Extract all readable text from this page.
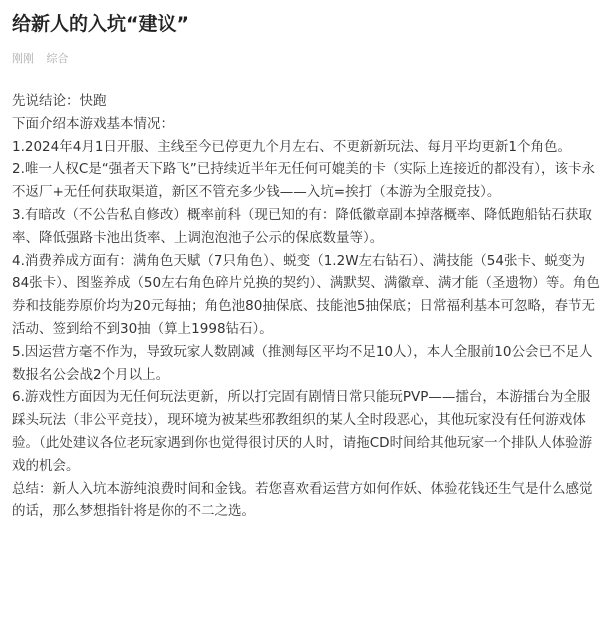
给新人的入坑“建议”
刚刚 综合

先说结论：快跑

下面介绍本游戏基本情况：

1.2024年4月1日开服、主线至今已停更九个月左右、不更新新玩法、每月平均更新1个角色。

2.唯一人权C是“强者天下路飞”已持续近半年无任何可媲美的卡（实际上连接近的都没有），该卡永不返厂+无任何获取渠道，新区不管充多少钱——入坑=挨打（本游为全服竞技）。

3.有暗改（不公告私自修改）概率前科（现已知的有：降低徽章副本掉落概率、降低跑船钻石获取率、降低强路卡池出货率、上调泡泡池子公示的保底数量等）。

4.消费养成方面有：满角色天赋（7只角色）、蜕变（1.2W左右钻石）、满技能（54张卡、蜕变为84张卡）、图鉴养成（50左右角色碎片兑换的契约）、满默契、满徽章、满才能（圣遗物）等。角色券和技能券原价均为20元每抽；角色池80抽保底、技能池5抽保底；日常福利基本可忽略，春节无活动、签到给不到30抽（算上1998钻石）。

5.因运营方毫不作为，导致玩家人数剧减（推测每区平均不足10人），本人全服前10公会已不足人数报名公会战2个月以上。

6.游戏性方面因为无任何玩法更新，所以打完固有剧情日常只能玩PVP——擂台，本游擂台为全服踩头玩法（非公平竞技），现环境为被某些邪教组织的某人全时段恶心，其他玩家没有任何游戏体验。（此处建议各位老玩家遇到你也觉得很讨厌的人时，请拖CD时间给其他玩家一个排队人体验游戏的机会。

总结：新人入坑本游纯浪费时间和金钱。若您喜欢看运营方如何作妖、体验花钱还生气是什么感觉的话，那么梦想指针将是你的不二之选。
